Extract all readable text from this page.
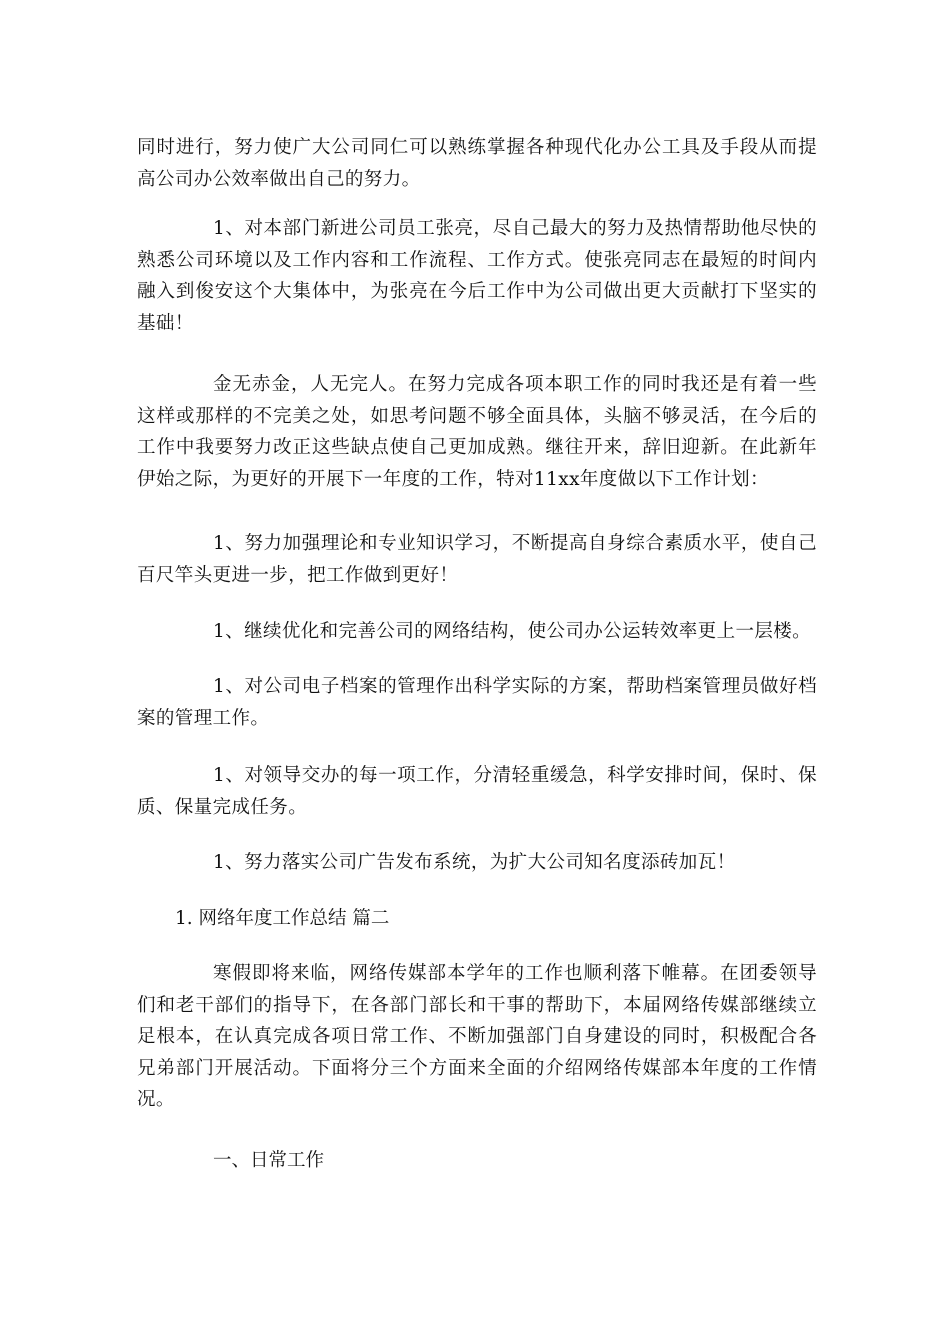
同时进行，努力使广大公司同仁可以熟练掌握各种现代化办公工具及手段从而提高公司办公效率做出自己的努力。

1、对本部门新进公司员工张亮，尽自己最大的努力及热情帮助他尽快的熟悉公司环境以及工作内容和工作流程、工作方式。使张亮同志在最短的时间内融入到俊安这个大集体中，为张亮在今后工作中为公司做出更大贡献打下坚实的基础！

金无赤金，人无完人。在努力完成各项本职工作的同时我还是有着一些这样或那样的不完美之处，如思考问题不够全面具体，头脑不够灵活，在今后的工作中我要努力改正这些缺点使自己更加成熟。继往开来，辞旧迎新。在此新年伊始之际，为更好的开展下一年度的工作，特对11xx年度做以下工作计划：

1、努力加强理论和专业知识学习，不断提高自身综合素质水平，使自己百尺竿头更进一步，把工作做到更好！

1、继续优化和完善公司的网络结构，使公司办公运转效率更上一层楼。

1、对公司电子档案的管理作出科学实际的方案，帮助档案管理员做好档案的管理工作。

1、对领导交办的每一项工作，分清轻重缓急，科学安排时间，保时、保质、保量完成任务。

1、努力落实公司广告发布系统，为扩大公司知名度添砖加瓦！

1. 网络年度工作总结 篇二

寒假即将来临，网络传媒部本学年的工作也顺利落下帷幕。在团委领导们和老干部们的指导下，在各部门部长和干事的帮助下，本届网络传媒部继续立足根本，在认真完成各项日常工作、不断加强部门自身建设的同时，积极配合各兄弟部门开展活动。下面将分三个方面来全面的介绍网络传媒部本年度的工作情况。

一、日常工作
